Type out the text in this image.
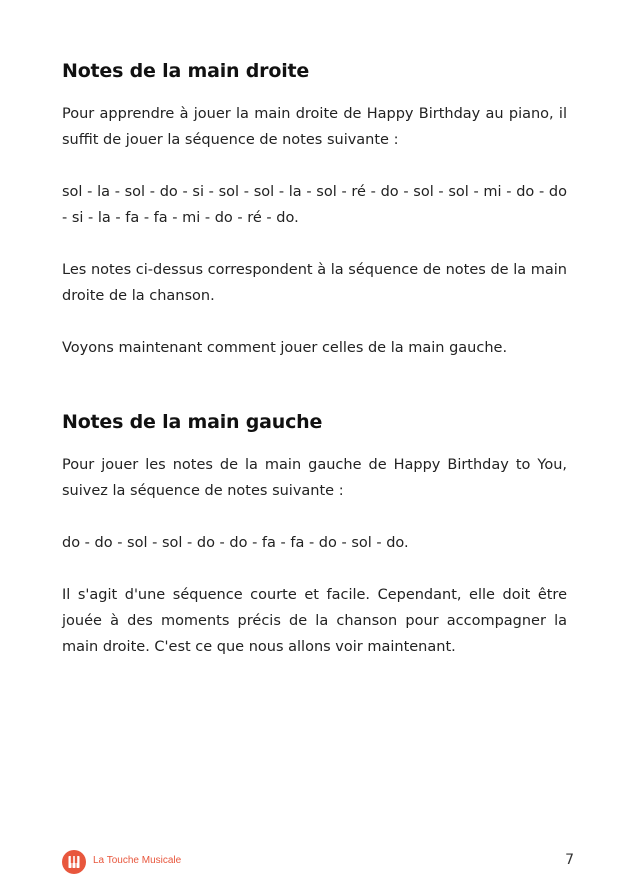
Notes de la main droite

Pour apprendre à jouer la main droite de Happy Birthday au piano, il suffit de jouer la séquence de notes suivante :

sol - la - sol - do - si - sol - sol - la - sol - ré - do - sol - sol - mi - do - do - si - la - fa - fa - mi - do - ré - do.

Les notes ci-dessus correspondent à la séquence de notes de la main droite de la chanson.

Voyons maintenant comment jouer celles de la main gauche.

Notes de la main gauche

Pour jouer les notes de la main gauche de Happy Birthday to You, suivez la séquence de notes suivante :

do - do - sol - sol - do - do - fa - fa - do - sol - do.

Il s'agit d'une séquence courte et facile. Cependant, elle doit être jouée à des moments précis de la chanson pour accompagner la main droite. C'est ce que nous allons voir maintenant.

La Touche Musicale	7
